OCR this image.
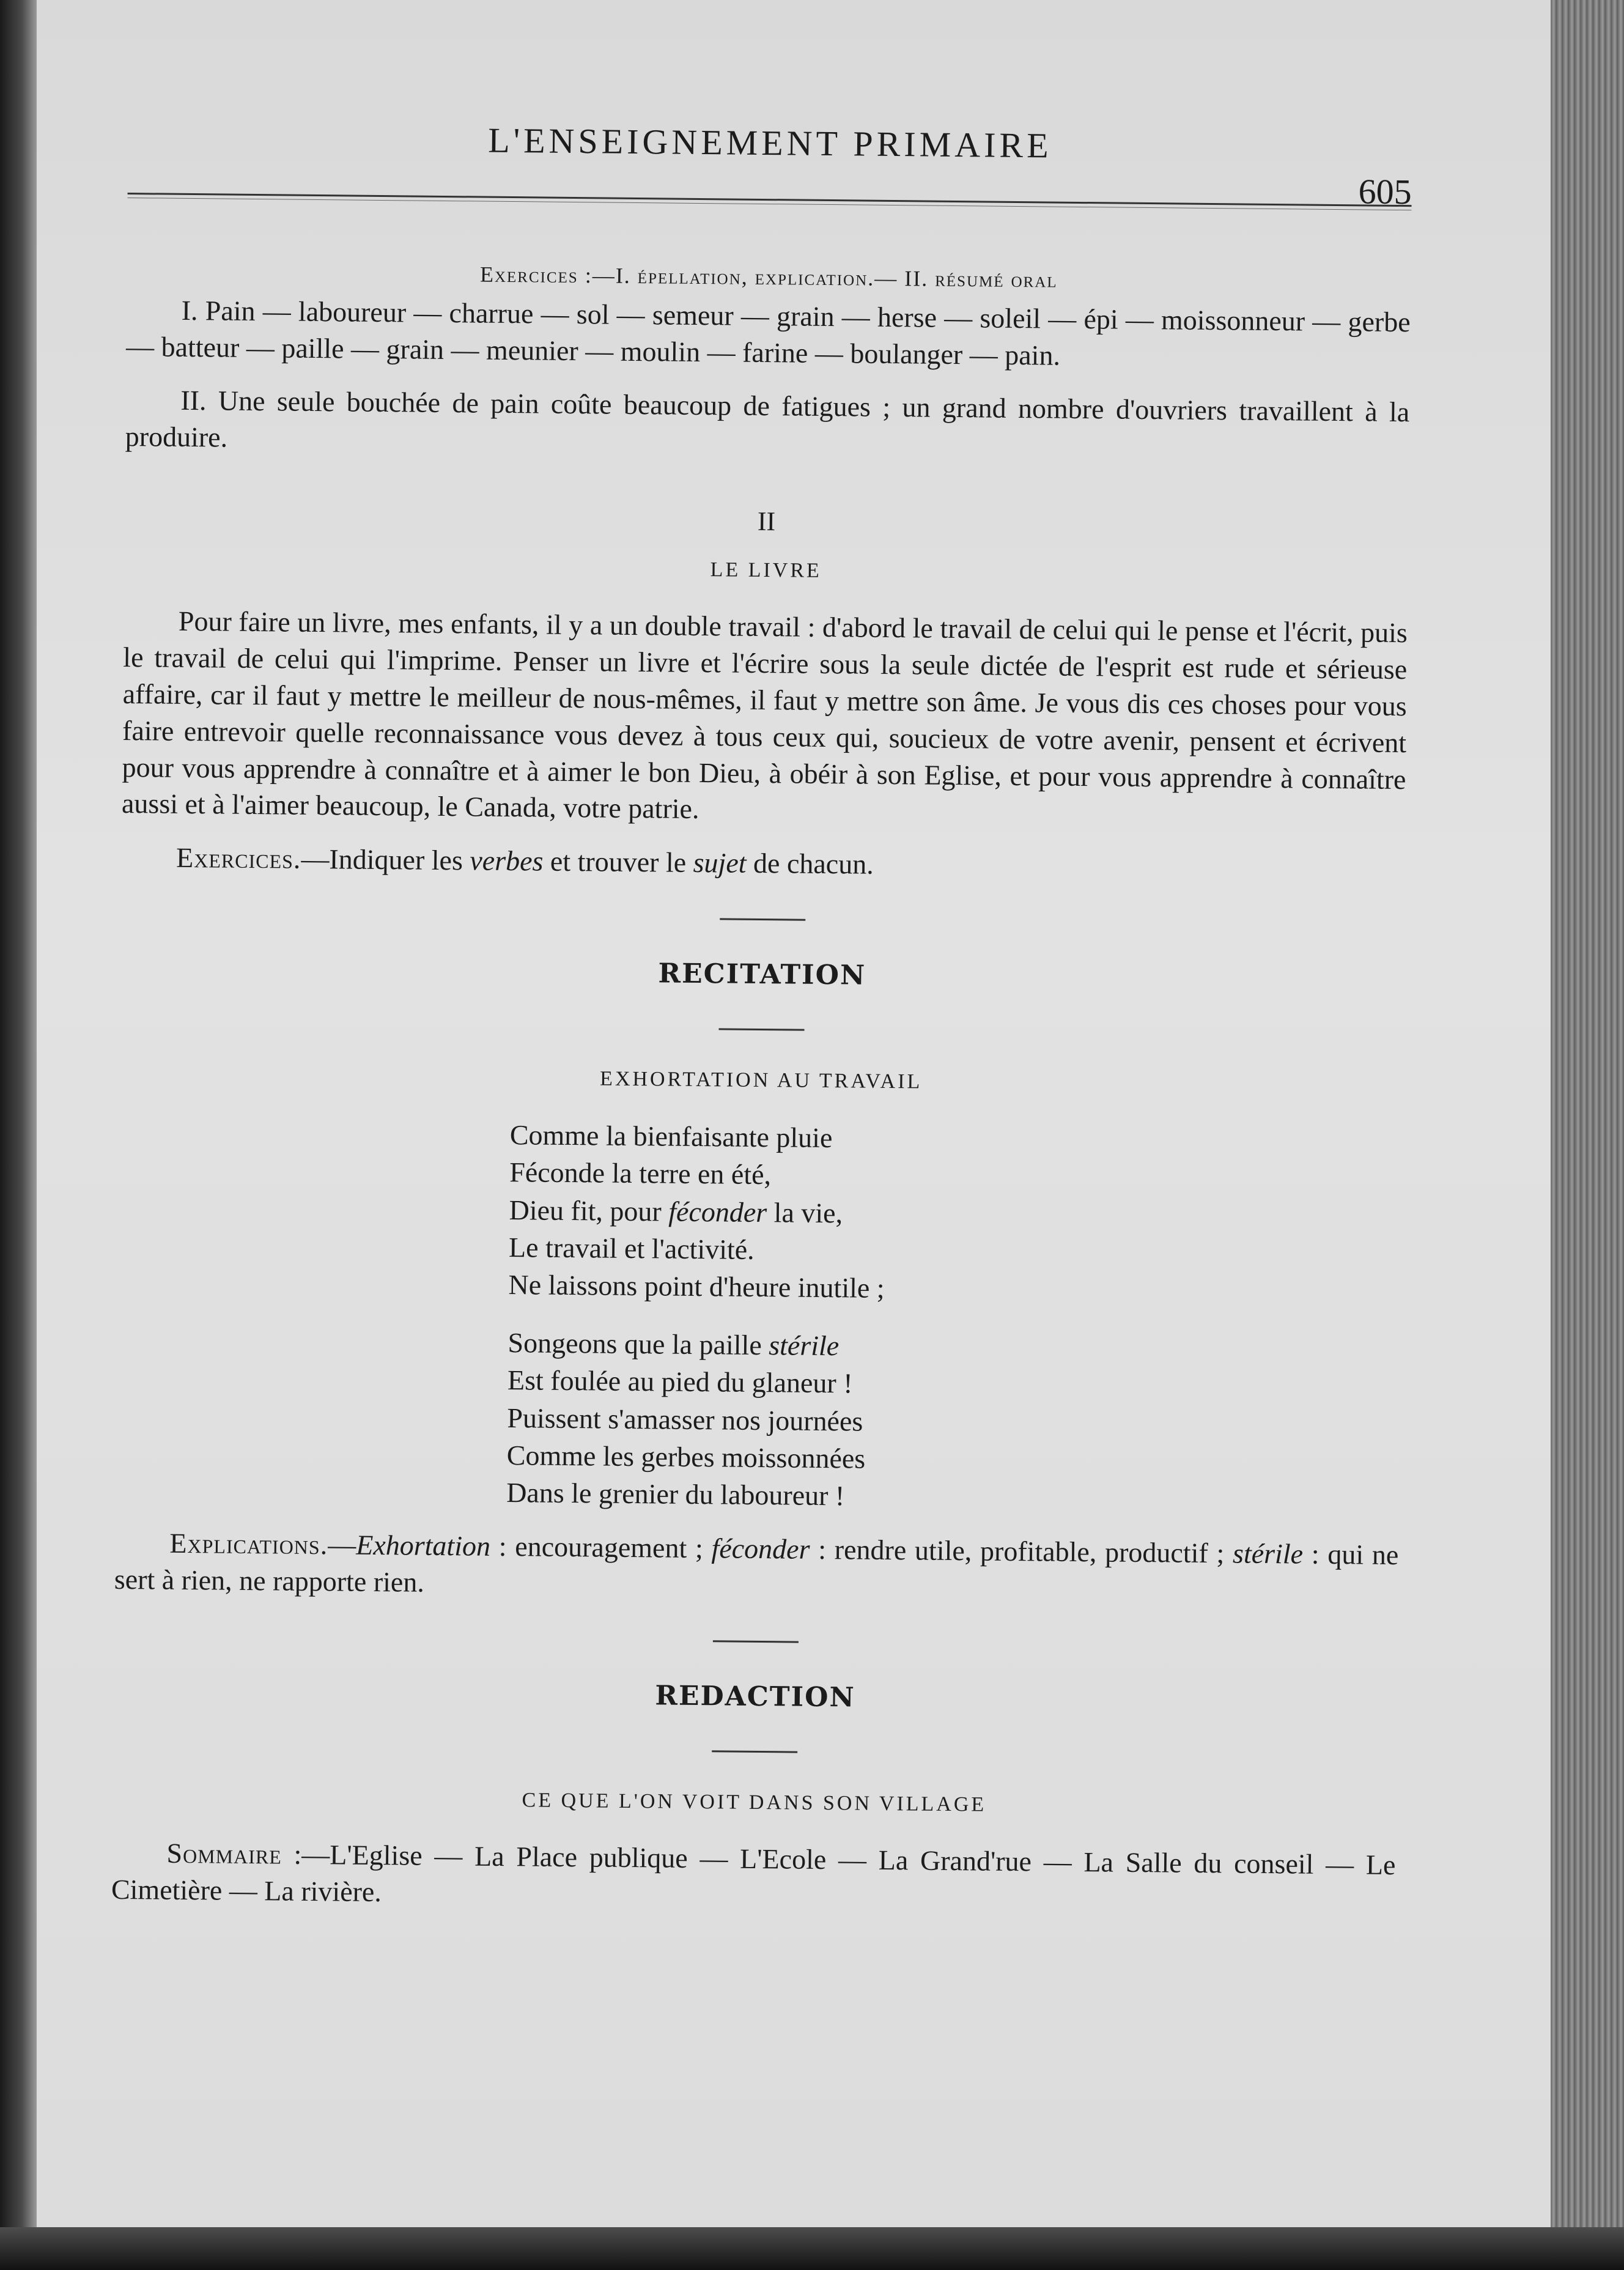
L'ENSEIGNEMENT PRIMAIRE
605
Exercices :—I. épellation, explication.— II. résumé oral

I. Pain — laboureur — charrue — sol — semeur — grain — herse — soleil — épi — moissonneur — gerbe — batteur — paille — grain — meunier — moulin — farine — boulanger — pain.

II. Une seule bouchée de pain coûte beaucoup de fatigues ; un grand nombre d'ouvriers travaillent à la produire.

II
LE LIVRE

Pour faire un livre, mes enfants, il y a un double travail : d'abord le travail de celui qui le pense et l'écrit, puis le travail de celui qui l'imprime. Penser un livre et l'écrire sous la seule dictée de l'esprit est rude et sérieuse affaire, car il faut y mettre le meilleur de nous-mêmes, il faut y mettre son âme. Je vous dis ces choses pour vous faire entrevoir quelle reconnaissance vous devez à tous ceux qui, soucieux de votre avenir, pensent et écrivent pour vous apprendre à connaître et à aimer le bon Dieu, à obéir à son Eglise, et pour vous apprendre à connaître aussi et à l'aimer beaucoup, le Canada, votre patrie.

Exercices.—Indiquer les verbes et trouver le sujet de chacun.

RECITATION
EXHORTATION AU TRAVAIL
Comme la bienfaisante pluie
Féconde la terre en été,
Dieu fit, pour féconder la vie,
Le travail et l'activité.
Ne laissons point d'heure inutile ;
Songeons que la paille stérile
Est foulée au pied du glaneur !
Puissent s'amasser nos journées
Comme les gerbes moissonnées
Dans le grenier du laboureur !

Explications.—Exhortation : encouragement ; féconder : rendre utile, profitable, productif ; stérile : qui ne sert à rien, ne rapporte rien.

REDACTION
CE QUE L'ON VOIT DANS SON VILLAGE

Sommaire :—L'Eglise — La Place publique — L'Ecole — La Grand'rue — La Salle du conseil — Le Cimetière — La rivière.
